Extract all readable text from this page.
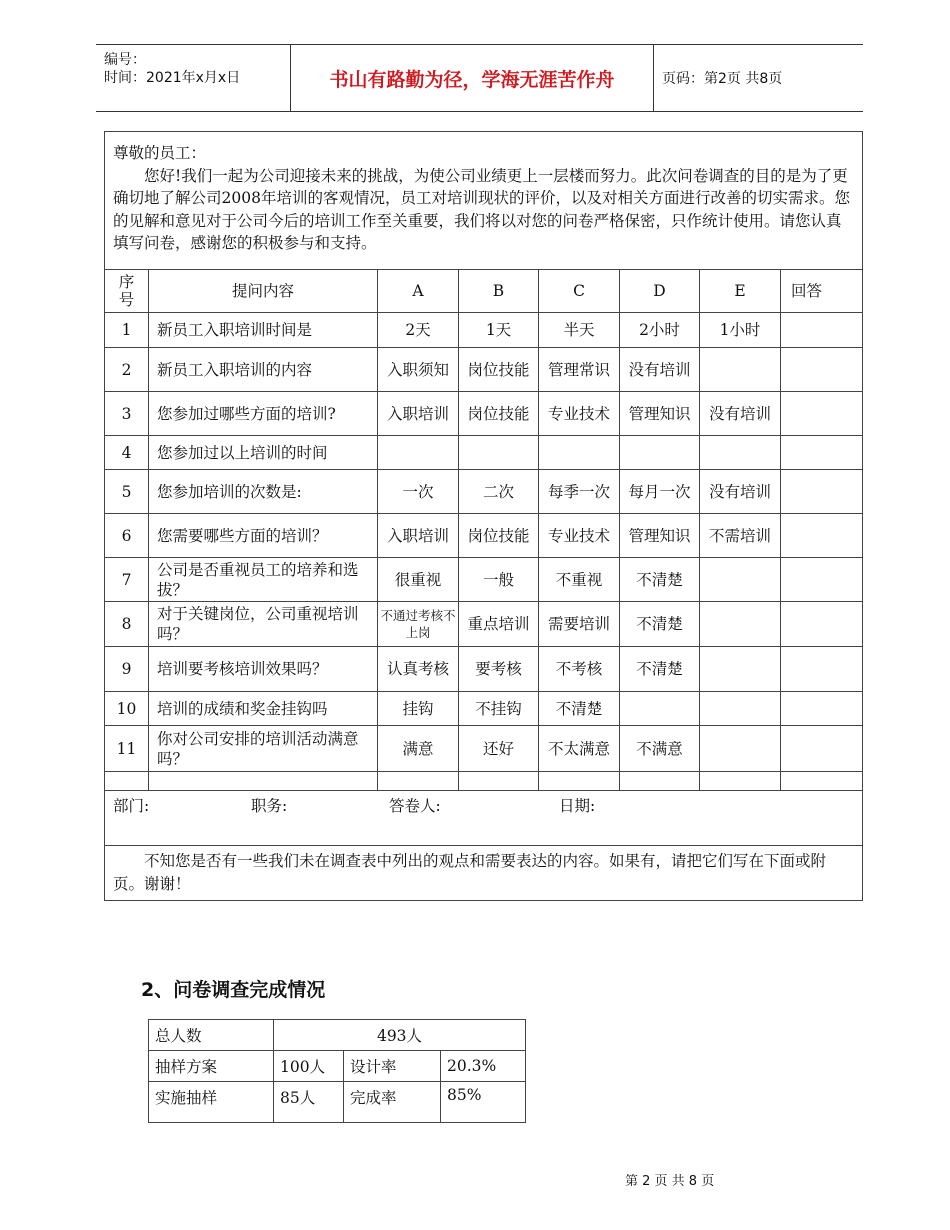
编号：
时间：2021年x月x日	书山有路勤为径，学海无涯苦作舟	页码：第2页 共8页
尊敬的员工：
您好!我们一起为公司迎接未来的挑战，为使公司业绩更上一层楼而努力。此次问卷调查的目的是为了更确切地了解公司2008年培训的客观情况，员工对培训现状的评价，以及对相关方面进行改善的切实需求。您的见解和意见对于公司今后的培训工作至关重要，我们将以对您的问卷严格保密，只作统计使用。请您认真填写问卷，感谢您的积极参与和支持。							

序号	提问内容	A	B	C	D	E	回答
1	新员工入职培训时间是	2天	1天	半天	2小时	1小时	
2	新员工入职培训的内容	入职须知	岗位技能	管理常识	没有培训		
3	您参加过哪些方面的培训?	入职培训	岗位技能	专业技术	管理知识	没有培训	
4	您参加过以上培训的时间						
5	您参加培训的次数是:	一次	二次	每季一次	每月一次	没有培训	
6	您需要哪些方面的培训？	入职培训	岗位技能	专业技术	管理知识	不需培训	
7	公司是否重视员工的培养和选拔？	很重视	一般	不重视	不清楚		
8	对于关键岗位，公司重视培训吗？	不通过考核不上岗	重点培训	需要培训	不清楚		
9	培训要考核培训效果吗？	认真考核	要考核	不考核	不清楚		
10	培训的成绩和奖金挂钩吗	挂钩	不挂钩	不清楚			
11	你对公司安排的培训活动满意吗？	满意	还好	不太满意	不满意		

部门: 职务: 答卷人: 日期:							
不知您是否有一些我们未在调查表中列出的观点和需要表达的内容。如果有，请把它们写在下面或附页。谢谢！							
2、问卷调查完成情况
总人数	493人		
抽样方案	100人	设计率	20.3%
实施抽样	85人	完成率	85%
第 2 页 共 8 页
